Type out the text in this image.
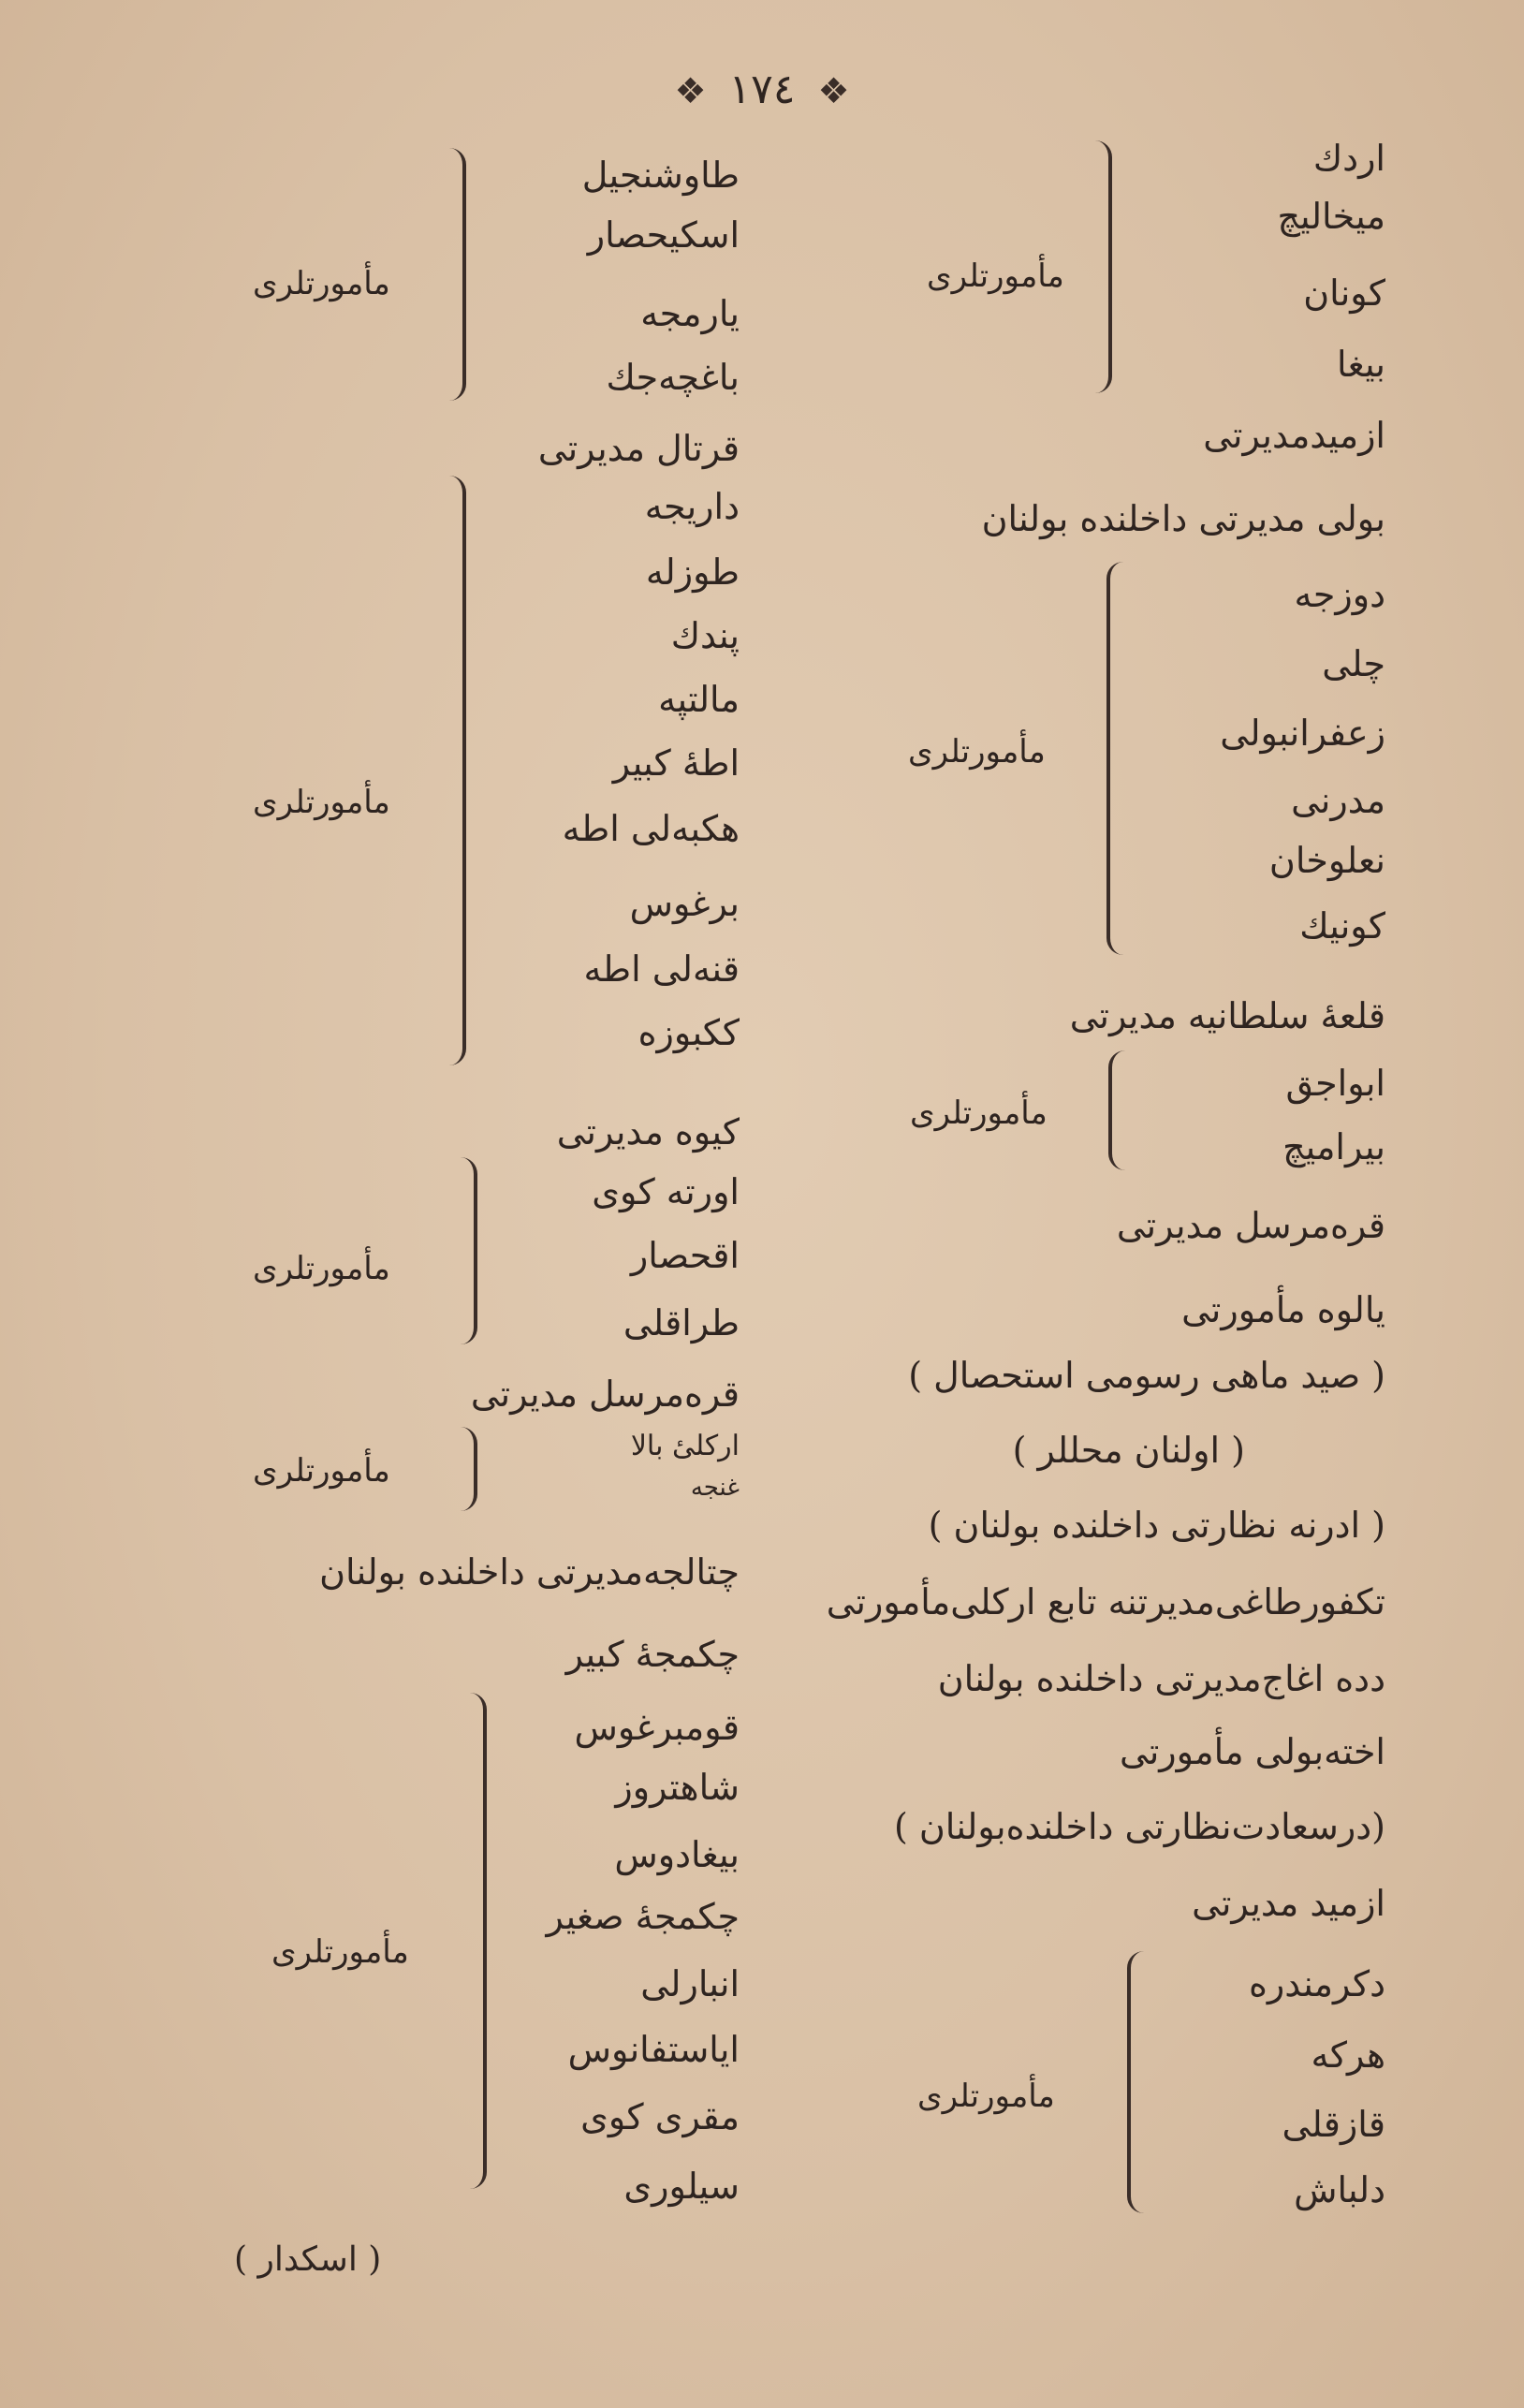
❖ ١٧٤ ❖
اردك
ميخاليچ
كونان
بيغا
مأمورتلری
ازميدمديرتی
بولی مديرتی داخلنده بولنان
دوزجه
چلی
زعفرانبولی
مدرنی
نعلوخان
كونيك
مأمورتلری
قلعهٔ سلطانيه مديرتی
ابواجق
بيراميچ
مأمورتلری
قره‌مرسل مديرتی
يالوه مأمورتی
( صيد ماهی رسومی استحصال )
( اولنان محللر )
( ادرنه نظارتی داخلنده بولنان )
تكفورطاغی‌مديرتنه تابع اركلی‌مأمورتی
دده اغاج‌مديرتی داخلنده بولنان
اخته‌بولی مأمورتی
(درسعادت‌نظارتی داخلنده‌بولنان )
ازميد مديرتی
دكرمندره
هركه
قازقلی
دلباش
مأمورتلری
طاوشنجيل
اسكيحصار
يارمجه
باغچه‌جك
مأمورتلری
قرتال مديرتی
داريجه
طوزله
پندك
مالتپه
اطهٔ كبير
هكبه‌لی اطه
برغوس
قنه‌لی اطه
ككبوزه
مأمورتلری
كيوه مديرتی
اورته كوی
اقحصار
طراقلی
مأمورتلری
قره‌مرسل مديرتی
اركلیٔ بالا
غنجه
مأمورتلری
چتالجه‌مديرتی داخلنده بولنان
چكمجهٔ كبير
قومبرغوس
شاهتروز
بيغادوس
چكمجهٔ صغير
انبارلی
اياستفانوس
مقری كوی
سيلوری
مأمورتلری
( اسكدار )
